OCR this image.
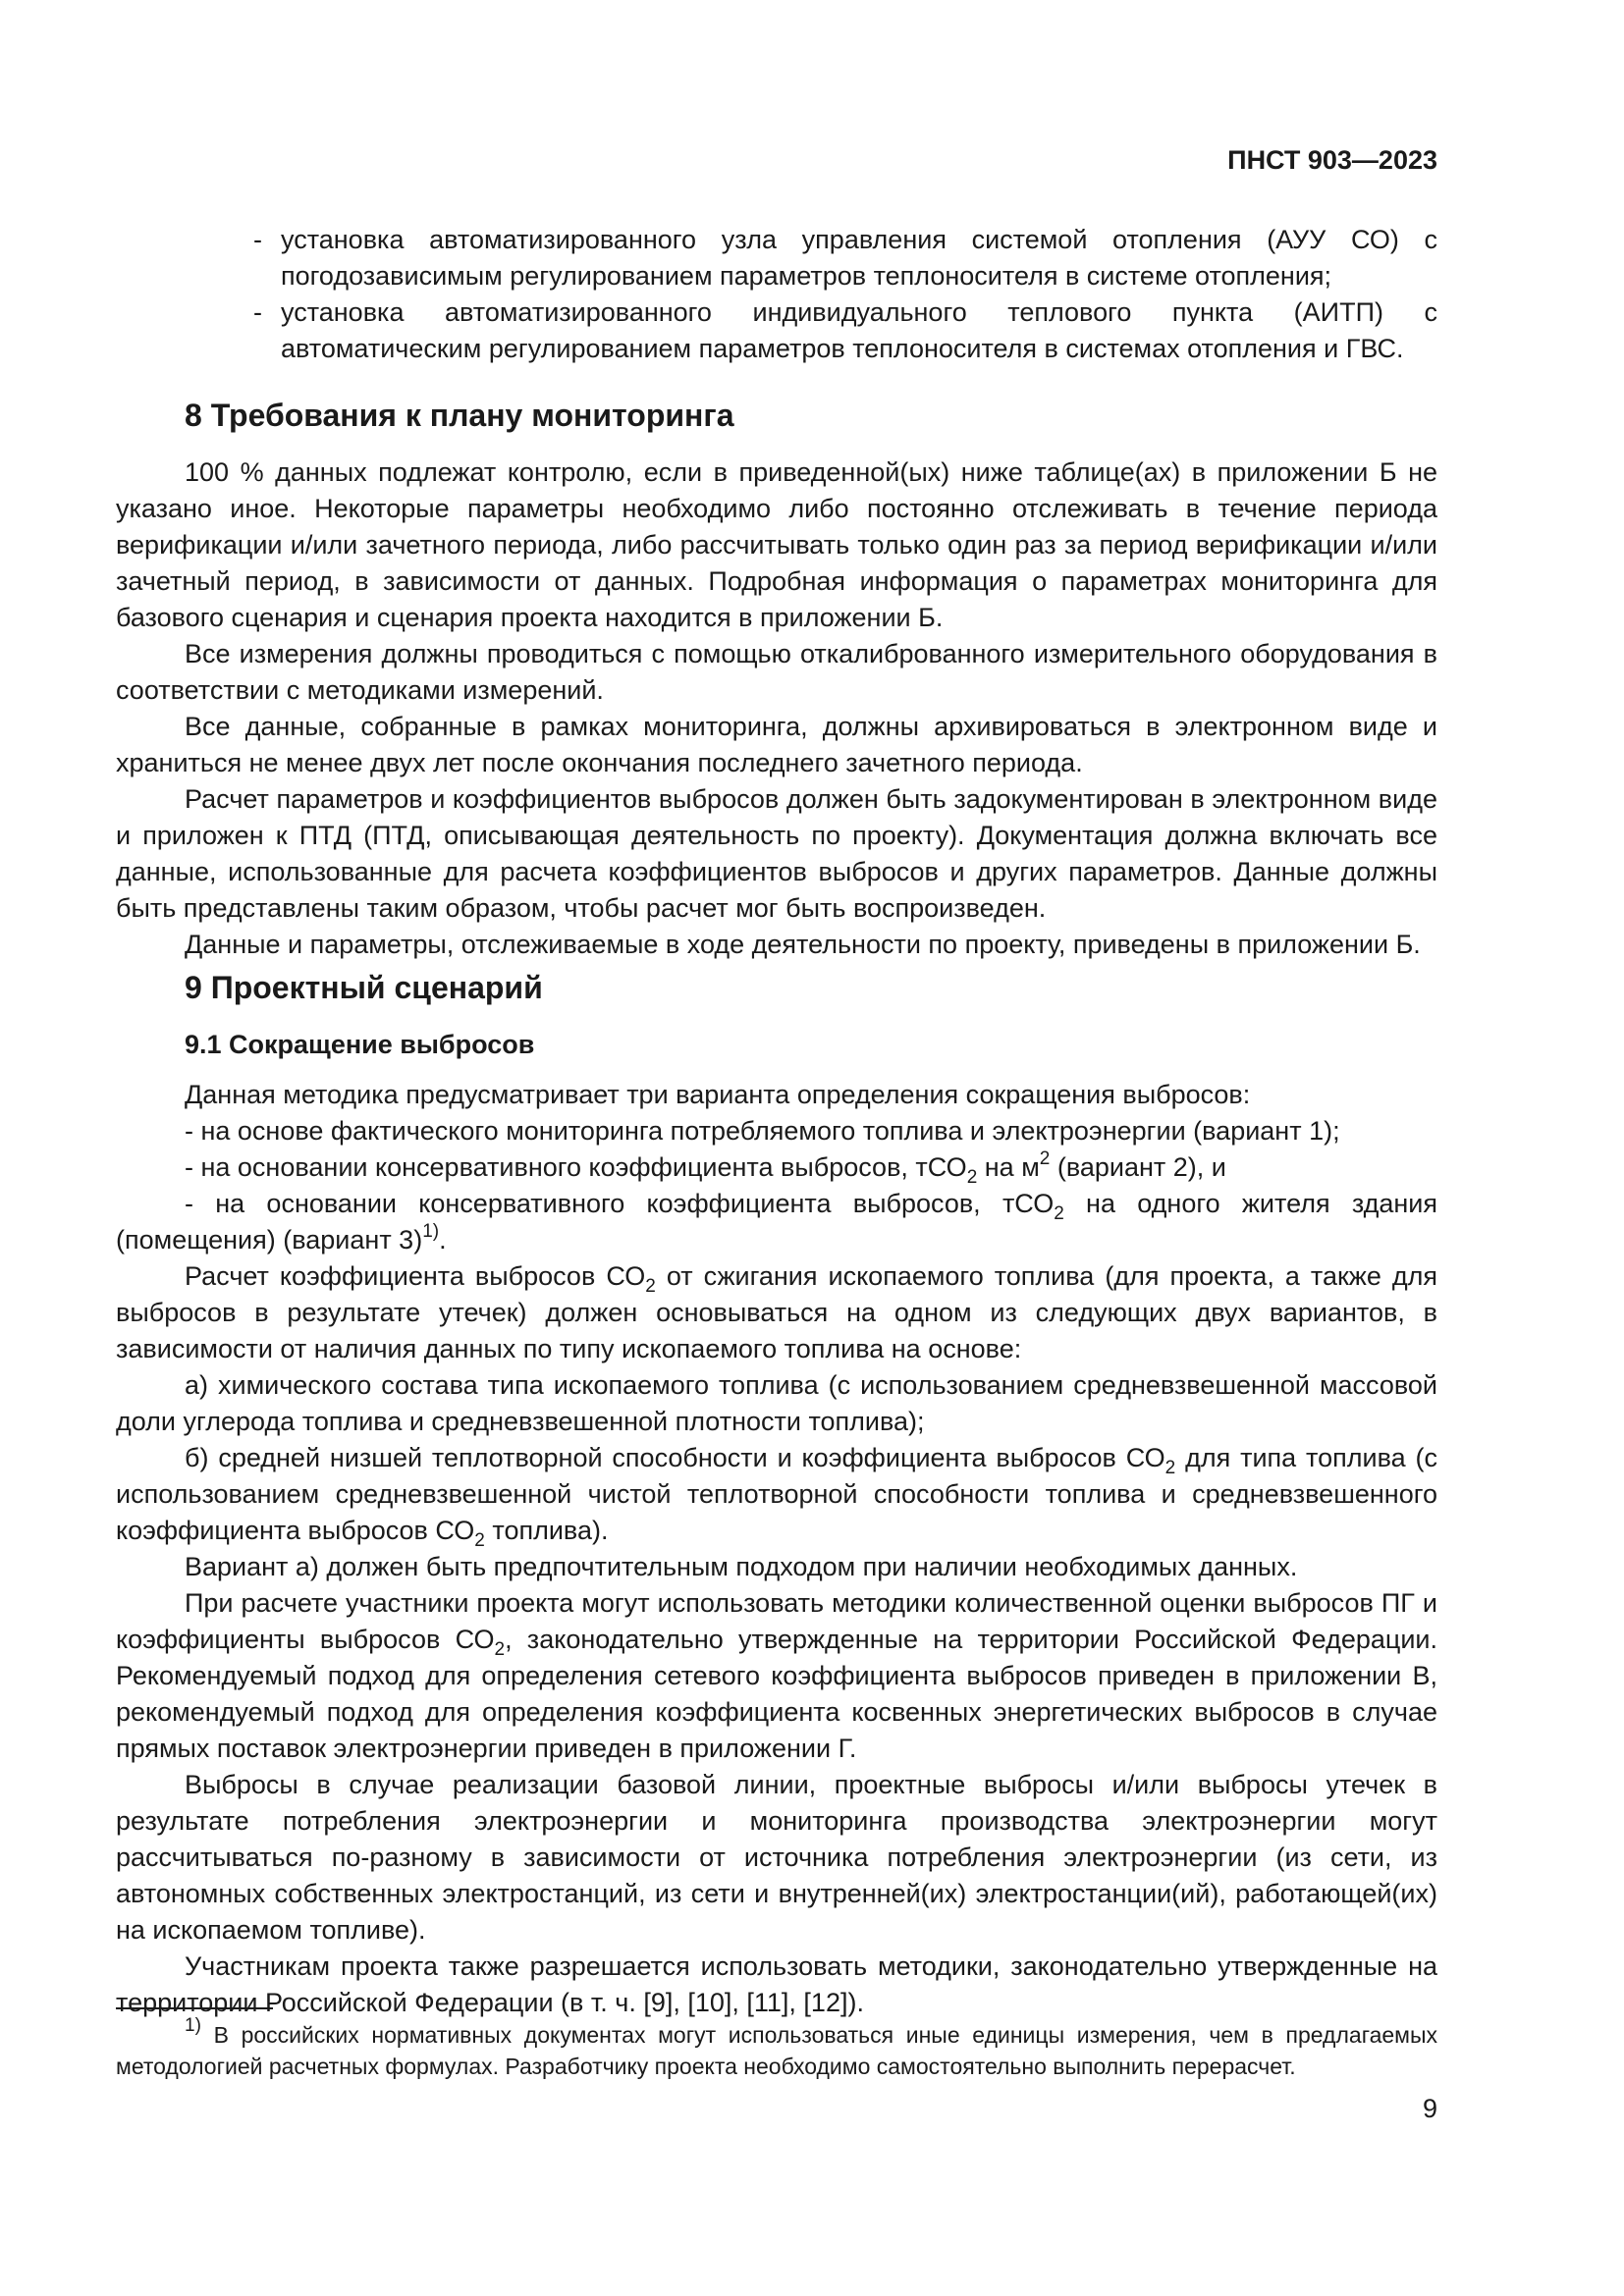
ПНСТ 903—2023
- установка автоматизированного узла управления системой отопления (АУУ СО) с погодозависимым регулированием параметров теплоносителя в системе отопления;
- установка автоматизированного индивидуального теплового пункта (АИТП) с автоматическим регулированием параметров теплоносителя в системах отопления и ГВС.
8 Требования к плану мониторинга

100 % данных подлежат контролю, если в приведенной(ых) ниже таблице(ах) в приложении Б не указано иное. Некоторые параметры необходимо либо постоянно отслеживать в течение периода верификации и/или зачетного периода, либо рассчитывать только один раз за период верификации и/или зачетный период, в зависимости от данных. Подробная информация о параметрах мониторинга для базового сценария и сценария проекта находится в приложении Б.

Все измерения должны проводиться с помощью откалиброванного измерительного оборудования в соответствии с методиками измерений.

Все данные, собранные в рамках мониторинга, должны архивироваться в электронном виде и храниться не менее двух лет после окончания последнего зачетного периода.

Расчет параметров и коэффициентов выбросов должен быть задокументирован в электронном виде и приложен к ПТД (ПТД, описывающая деятельность по проекту). Документация должна включать все данные, использованные для расчета коэффициентов выбросов и других параметров. Данные должны быть представлены таким образом, чтобы расчет мог быть воспроизведен.

Данные и параметры, отслеживаемые в ходе деятельности по проекту, приведены в приложении Б.

9 Проектный сценарий
9.1 Сокращение выбросов

Данная методика предусматривает три варианта определения сокращения выбросов:

- на основе фактического мониторинга потребляемого топлива и электроэнергии (вариант 1);

- на основании консервативного коэффициента выбросов, тСО$_2$ на $м^2$ (вариант 2), и

- на основании консервативного коэффициента выбросов, тСО$_2$ на одного жителя здания (помещения) (вариант 3)$^{1)}$.

Расчет коэффициента выбросов $СО_2$ от сжигания ископаемого топлива (для проекта, а также для выбросов в результате утечек) должен основываться на одном из следующих двух вариантов, в зависимости от наличия данных по типу ископаемого топлива на основе:

а) химического состава типа ископаемого топлива (с использованием средневзвешенной массовой доли углерода топлива и средневзвешенной плотности топлива);

б) средней низшей теплотворной способности и коэффициента выбросов $СО_2$ для типа топлива (с использованием средневзвешенной чистой теплотворной способности топлива и средневзвешенного коэффициента выбросов $СО_2$ топлива).

Вариант а) должен быть предпочтительным подходом при наличии необходимых данных.

При расчете участники проекта могут использовать методики количественной оценки выбросов ПГ и коэффициенты выбросов $СО_2$, законодательно утвержденные на территории Российской Федерации. Рекомендуемый подход для определения сетевого коэффициента выбросов приведен в приложении В, рекомендуемый подход для определения коэффициента косвенных энергетических выбросов в случае прямых поставок электроэнергии приведен в приложении Г.

Выбросы в случае реализации базовой линии, проектные выбросы и/или выбросы утечек в результате потребления электроэнергии и мониторинга производства электроэнергии могут рассчитываться по-разному в зависимости от источника потребления электроэнергии (из сети, из автономных собственных электростанций, из сети и внутренней(их) электростанции(ий), работающей(их) на ископаемом топливе).

Участникам проекта также разрешается использовать методики, законодательно утвержденные на территории Российской Федерации (в т. ч. [9], [10], [11], [12]).

$^{1)}$ В российских нормативных документах могут использоваться иные единицы измерения, чем в предлагаемых методологией расчетных формулах. Разработчику проекта необходимо самостоятельно выполнить перерасчет.

9
